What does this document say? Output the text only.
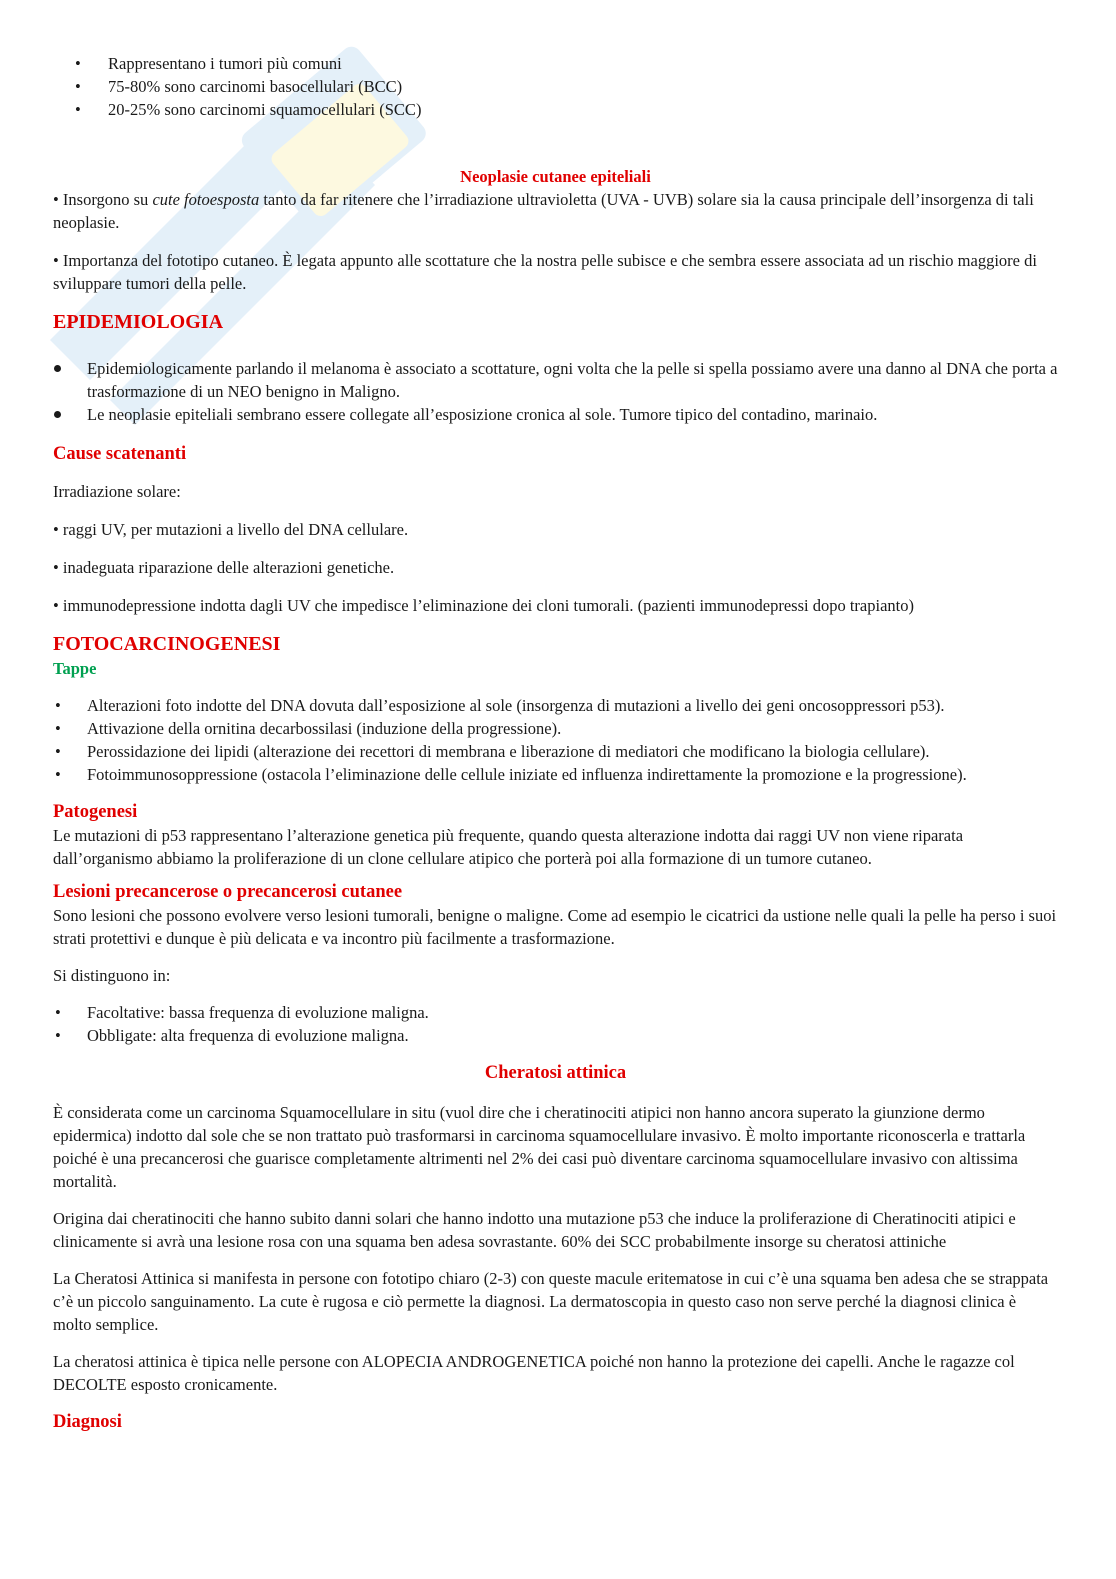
• Rappresentano i tumori più comuni
• 75-80% sono carcinomi basocellulari (BCC)
• 20-25% sono carcinomi squamocellulari (SCC)
Neoplasie cutanee epiteliali

• Insorgono su cute fotoesposta tanto da far ritenere che l’irradiazione ultravioletta (UVA - UVB) solare sia la causa principale dell’insorgenza di tali neoplasie.

• Importanza del fototipo cutaneo. È legata appunto alle scottature che la nostra pelle subisce e che sembra essere associata ad un rischio maggiore di sviluppare tumori della pelle.

EPIDEMIOLOGIA
Epidemiologicamente parlando il melanoma è associato a scottature, ogni volta che la pelle si spella possiamo avere una danno al DNA che porta a trasformazione di un NEO benigno in Maligno.
Le neoplasie epiteliali sembrano essere collegate all’esposizione cronica al sole. Tumore tipico del contadino, marinaio.
Cause scatenanti

Irradiazione solare:

• raggi UV, per mutazioni a livello del DNA cellulare.

• inadeguata riparazione delle alterazioni genetiche.

• immunodepressione indotta dagli UV che impedisce l’eliminazione dei cloni tumorali. (pazienti immunodepressi dopo trapianto)

FOTOCARCINOGENESI
Tappe
• Alterazioni foto indotte del DNA dovuta dall’esposizione al sole (insorgenza di mutazioni a livello dei geni oncosoppressori p53).
• Attivazione della ornitina decarbossilasi (induzione della progressione).
• Perossidazione dei lipidi (alterazione dei recettori di membrana e liberazione di mediatori che modificano la biologia cellulare).
• Fotoimmunosoppressione (ostacola l’eliminazione delle cellule iniziate ed influenza indirettamente la promozione e la progressione).
Patogenesi

Le mutazioni di p53 rappresentano l’alterazione genetica più frequente, quando questa alterazione indotta dai raggi UV non viene riparata dall’organismo abbiamo la proliferazione di un clone cellulare atipico che porterà poi alla formazione di un tumore cutaneo.

Lesioni precancerose o precancerosi cutanee

Sono lesioni che possono evolvere verso lesioni tumorali, benigne o maligne. Come ad esempio le cicatrici da ustione nelle quali la pelle ha perso i suoi strati protettivi e dunque è più delicata e va incontro più facilmente a trasformazione.

Si distinguono in:

• Facoltative: bassa frequenza di evoluzione maligna.
• Obbligate: alta frequenza di evoluzione maligna.
Cheratosi attinica

È considerata come un carcinoma Squamocellulare in situ (vuol dire che i cheratinociti atipici non hanno ancora superato la giunzione dermo epidermica) indotto dal sole che se non trattato può trasformarsi in carcinoma squamocellulare invasivo. È molto importante riconoscerla e trattarla poiché è una precancerosi che guarisce completamente altrimenti nel 2% dei casi può diventare carcinoma squamocellulare invasivo con altissima mortalità.

Origina dai cheratinociti che hanno subito danni solari che hanno indotto una mutazione p53 che induce la proliferazione di Cheratinociti atipici e clinicamente si avrà una lesione rosa con una squama ben adesa sovrastante. 60% dei SCC probabilmente insorge su cheratosi attiniche

La Cheratosi Attinica si manifesta in persone con fototipo chiaro (2-3) con queste macule eritematose in cui c’è una squama ben adesa che se strappata c’è un piccolo sanguinamento. La cute è rugosa e ciò permette la diagnosi. La dermatoscopia in questo caso non serve perché la diagnosi clinica è molto semplice.

La cheratosi attinica è tipica nelle persone con ALOPECIA ANDROGENETICA poiché non hanno la protezione dei capelli. Anche le ragazze col DECOLTE esposto cronicamente.

Diagnosi
